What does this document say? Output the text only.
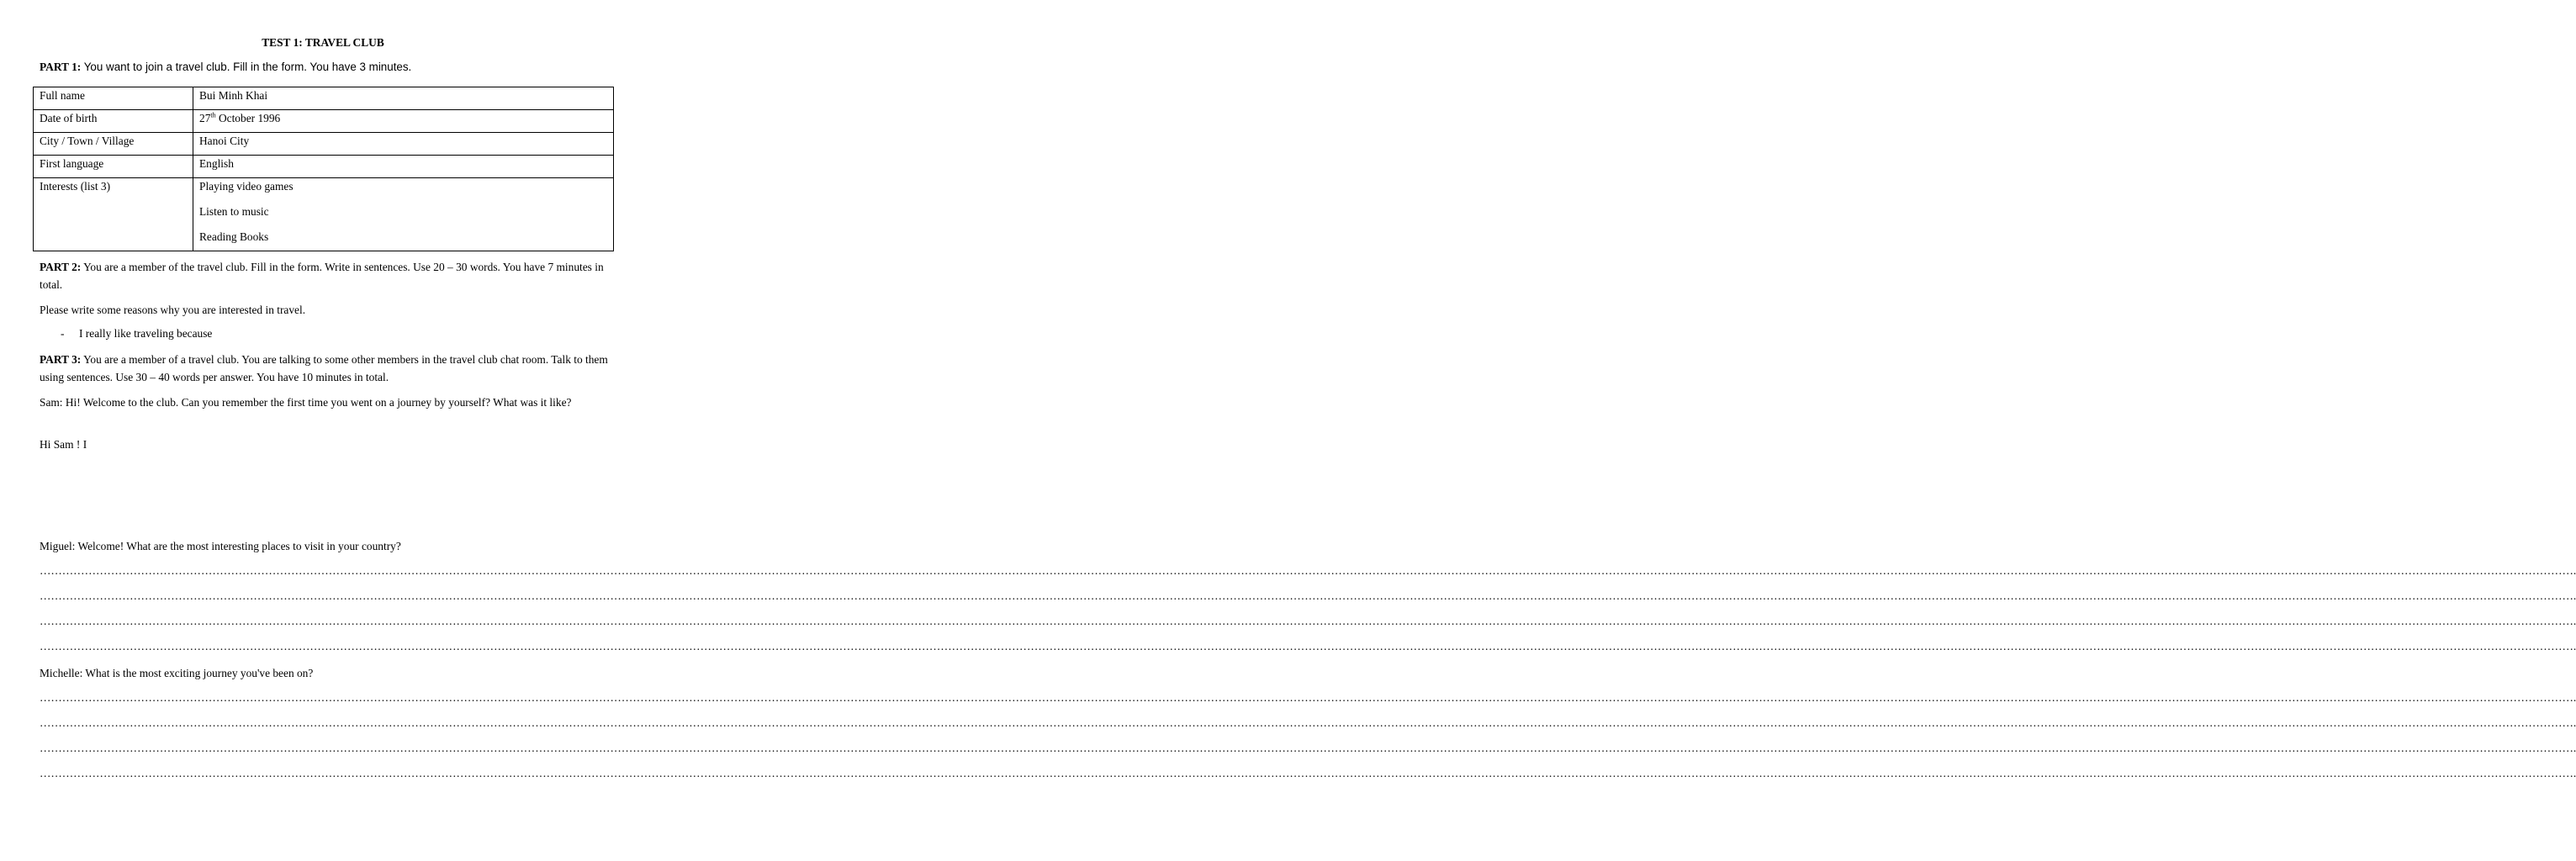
TEST 1: TRAVEL CLUB
PART 1: You want to join a travel club. Fill in the form. You have 3 minutes.
Full name	Bui Minh Khai
Date of birth	27th October 1996
City / Town / Village	Hanoi City
First language	English
Interests (list 3)	Playing video games
Listen to music
Reading Books
PART 2: You are a member of the travel club. Fill in the form. Write in sentences. Use 20 – 30 words. You have 7 minutes in total.
Please write some reasons why you are interested in travel.
- I really like traveling because
PART 3: You are a member of a travel club. You are talking to some other members in the travel club chat room. Talk to them using sentences. Use 30 – 40 words per answer. You have 10 minutes in total.
Sam: Hi! Welcome to the club. Can you remember the first time you went on a journey by yourself? What was it like?
Hi Sam ! I
Miguel: Welcome! What are the most interesting places to visit in your country?
……………………………………………………………………………………………………………………………………………………………………………………………………………………………………………………………………………………………………………………………………………………………………………………………………………………………………………………………………………………………………………………………………………………………………………………………………………………….
……………………………………………………………………………………………………………………………………………………………………………………………………………………………………………………………………………………………………………………………………………………………………………………………………………………………………………………………………………………………………………………………………………………………………………………………………………………….
……………………………………………………………………………………………………………………………………………………………………………………………………………………………………………………………………………………………………………………………………………………………………………………………………………………………………………………………………………………………………………………………………………………………………………………………………………………….
……………………………………………………………………………………………………………………………………………………………………………………………………………………………………………………………………………………………………………………………………………………………………………………………………………………………………………………………………………………………………………………………………………………………………………………………………………………….
Michelle: What is the most exciting journey you've been on?
……………………………………………………………………………………………………………………………………………………………………………………………………………………………………………………………………………………………………………………………………………………………………………………………………………………………………………………………………………………………………………………………………………………………………………………………………………………….
……………………………………………………………………………………………………………………………………………………………………………………………………………………………………………………………………………………………………………………………………………………………………………………………………………………………………………………………………………………………………………………………………………………………………………………………………………………….
……………………………………………………………………………………………………………………………………………………………………………………………………………………………………………………………………………………………………………………………………………………………………………………………………………………………………………………………………………………………………………………………………………………………………………………………………………………….
……………………………………………………………………………………………………………………………………………………………………………………………………………………………………………………………………………………………………………………………………………………………………………………………………………………………………………………………………………………………………………………………………………………………………………………………………………………….
